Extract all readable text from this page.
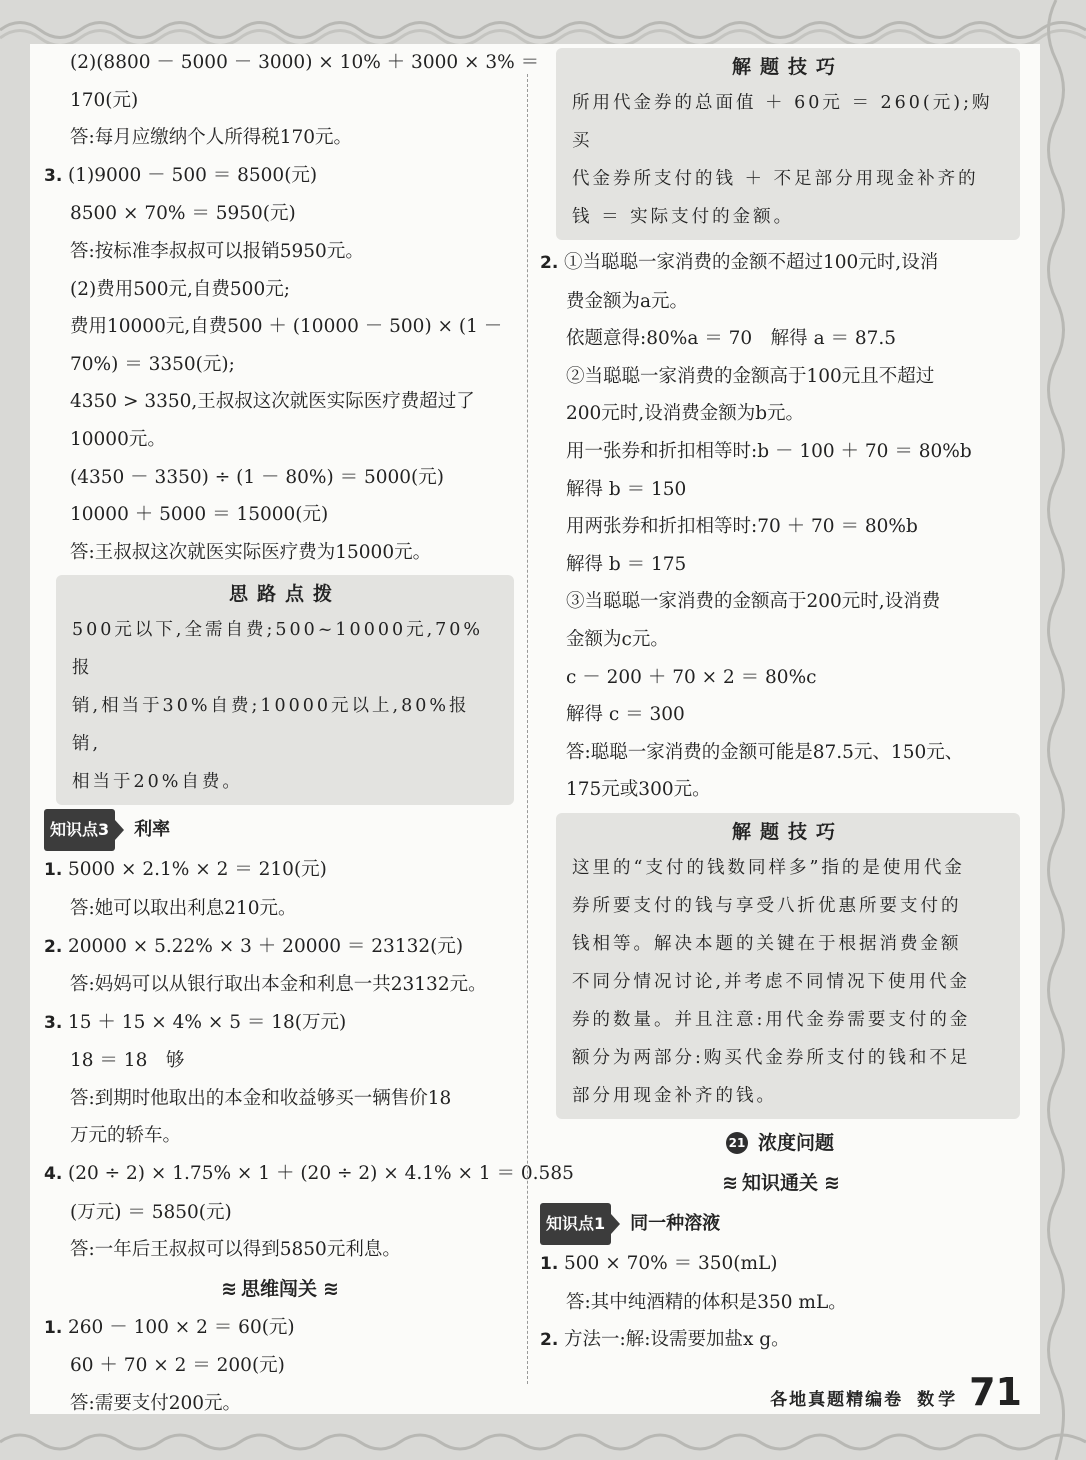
(2)(8800 － 5000 － 3000) × 10% ＋ 3000 × 3% ＝
170(元)
答:每月应缴纳个人所得税170元。
3. (1)9000 － 500 ＝ 8500(元)
8500 × 70% ＝ 5950(元)
答:按标准李叔叔可以报销5950元。
(2)费用500元,自费500元;
费用10000元,自费500 ＋ (10000 － 500) × (1 －
70%) ＝ 3350(元);
4350 > 3350,王叔叔这次就医实际医疗费超过了
10000元。
(4350 － 3350) ÷ (1 － 80%) ＝ 5000(元)
10000 ＋ 5000 ＝ 15000(元)
答:王叔叔这次就医实际医疗费为15000元。
思路点拨
500元以下,全需自费;500~10000元,70%报
销,相当于30%自费;10000元以上,80%报销,
相当于20%自费。
知识点3	利率
1. 5000 × 2.1% × 2 ＝ 210(元)
答:她可以取出利息210元。
2. 20000 × 5.22% × 3 ＋ 20000 ＝ 23132(元)
答:妈妈可以从银行取出本金和利息一共23132元。
3. 15 ＋ 15 × 4% × 5 ＝ 18(万元)
18 ＝ 18　够
答:到期时他取出的本金和收益够买一辆售价18
万元的轿车。
4. (20 ÷ 2) × 1.75% × 1 ＋ (20 ÷ 2) × 4.1% × 1 ＝ 0.585
(万元) ＝ 5850(元)
答:一年后王叔叔可以得到5850元利息。
≋ 思维闯关 ≋
1. 260 － 100 × 2 ＝ 60(元)
60 ＋ 70 × 2 ＝ 200(元)
答:需要支付200元。
解题技巧
所用代金券的总面值 ＋ 60元 ＝ 260(元);购买
代金券所支付的钱 ＋ 不足部分用现金补齐的
钱 ＝ 实际支付的金额。
2. ①当聪聪一家消费的金额不超过100元时,设消
费金额为a元。
依题意得:80%a ＝ 70　解得 a ＝ 87.5
②当聪聪一家消费的金额高于100元且不超过
200元时,设消费金额为b元。
用一张券和折扣相等时:b － 100 ＋ 70 ＝ 80%b
解得 b ＝ 150
用两张券和折扣相等时:70 ＋ 70 ＝ 80%b
解得 b ＝ 175
③当聪聪一家消费的金额高于200元时,设消费
金额为c元。
c － 200 ＋ 70 × 2 ＝ 80%c
解得 c ＝ 300
答:聪聪一家消费的金额可能是87.5元、150元、
175元或300元。
解题技巧
这里的“支付的钱数同样多”指的是使用代金
券所要支付的钱与享受八折优惠所要支付的
钱相等。解决本题的关键在于根据消费金额
不同分情况讨论,并考虑不同情况下使用代金
券的数量。并且注意:用代金券需要支付的金
额分为两部分:购买代金券所支付的钱和不足
部分用现金补齐的钱。
21 浓度问题
≋ 知识通关 ≋
知识点1	同一种溶液
1. 500 × 70% ＝ 350(mL)
答:其中纯酒精的体积是350 mL。
2. 方法一:解:设需要加盐x g。
各地真题精编卷 数学 71
